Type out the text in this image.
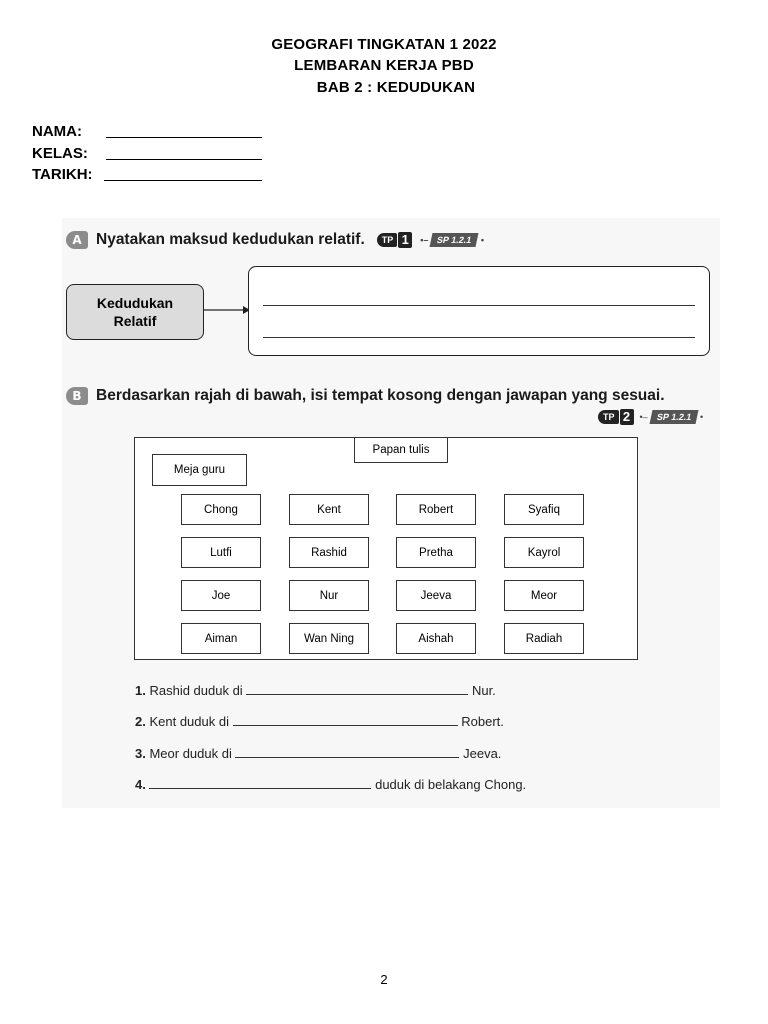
GEOGRAFI TINGKATAN 1 2022
LEMBARAN KERJA PBD
BAB 2 : KEDUDUKAN
NAMA:
KELAS:
TARIKH:
A Nyatakan maksud kedudukan relatif.	TP 1	•– SP 1.2.1 •
Kedudukan
Relatif
B Berdasarkan rajah di bawah, isi tempat kosong dengan jawapan yang sesuai.
TP 2	•– SP 1.2.1 •
Papan tulis
Meja guru
Chong	Kent	Robert	Syafiq
Lutfi	Rashid	Pretha	Kayrol
Joe	Nur	Jeeva	Meor
Aiman	Wan Ning	Aishah	Radiah
1. Rashid duduk di	Nur.
2. Kent duduk di	Robert.
3. Meor duduk di	Jeeva.
4.	duduk di belakang Chong.
2
